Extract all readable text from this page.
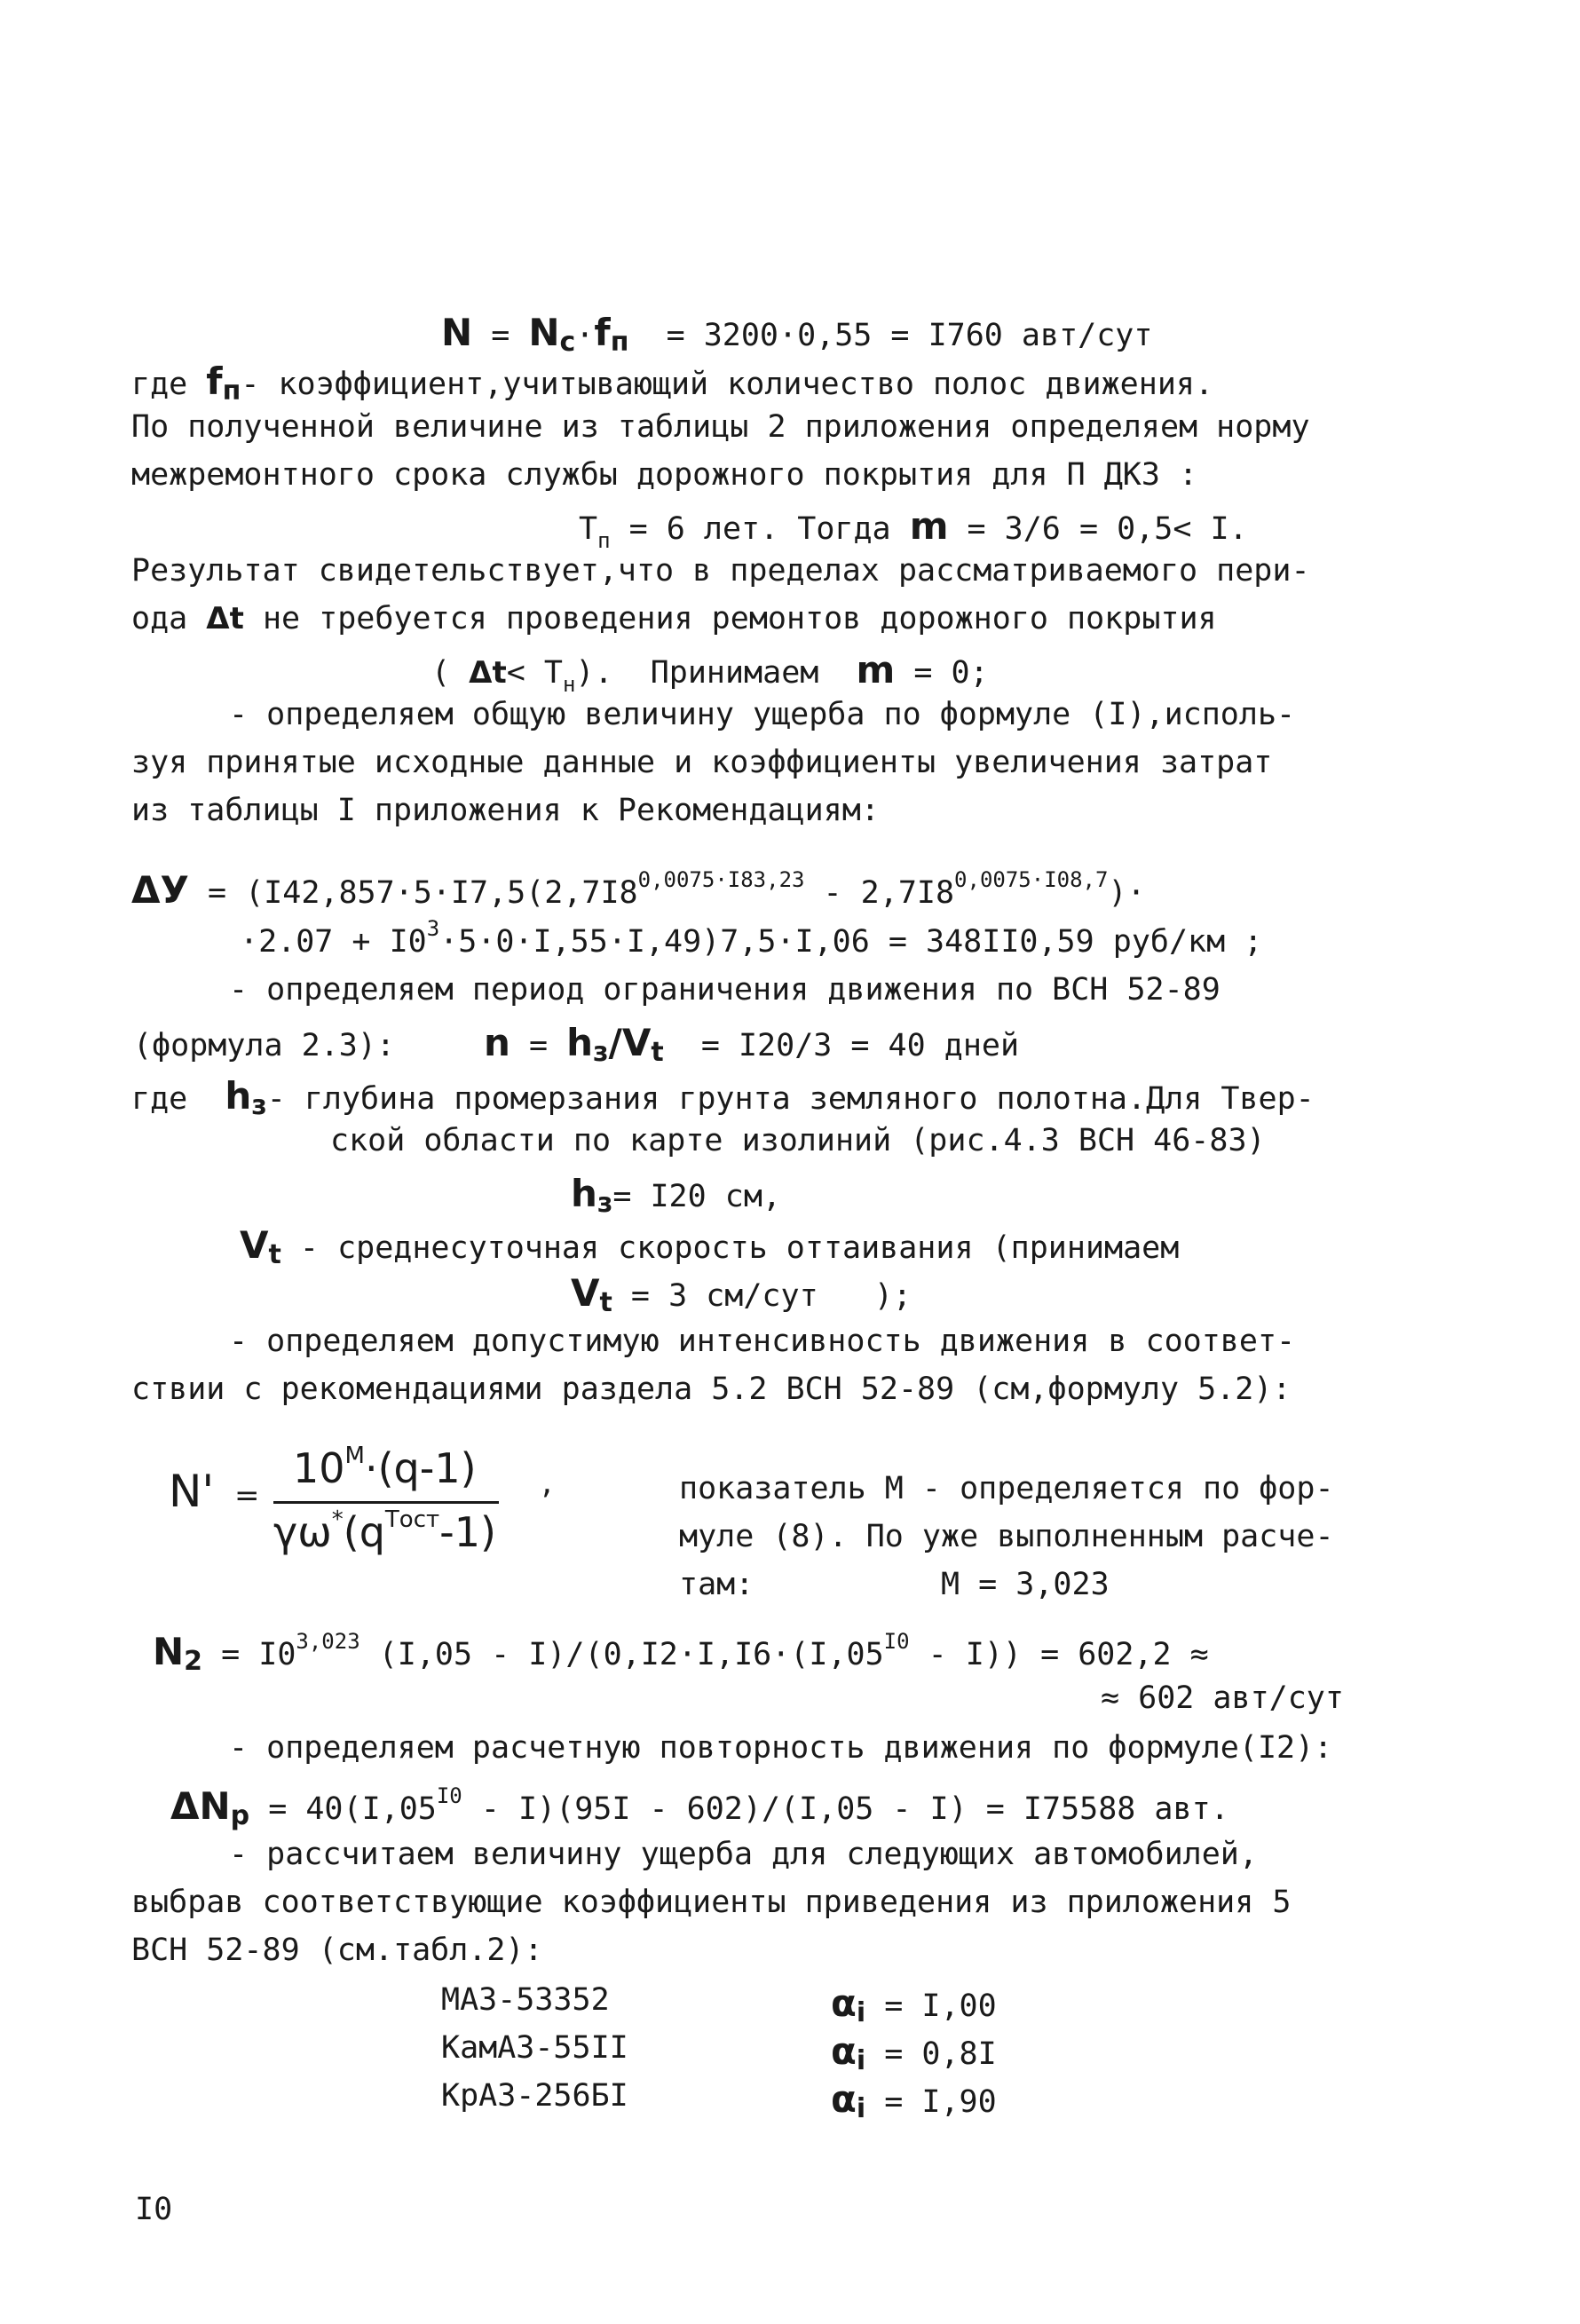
N = Nc·fп  = 3200·0,55 = I760 авт/сут
где fп- коэффициент,учитывающий количество полос движения.
По полученной величине из таблицы 2 приложения определяем норму
межремонтного срока службы дорожного покрытия для П ДКЗ :
$T_п = 6$ лет. Тогда m = 3/6 = 0,5< I.
Результат свидетельствует,что в пределах рассматриваемого пери-
ода Δt не требуется проведения ремонтов дорожного покрытия
( $\Delta t< T_н$).  Принимаем  m = 0;
- определяем общую величину ущерба по формуле (I),исполь-
зуя принятые исходные данные и коэффициенты увеличения затрат
из таблицы I приложения к Рекомендациям:
$\Delta У = (I42,857\cdot 5\cdot I7,5(2,7I8^{0,0075\cdot I83,23} - 2,7I8^{0,0075\cdot I08,7})\cdot$
$\cdot 2.07 + I0^3\cdot 5\cdot 0\cdot I,55\cdot I,49)7,5\cdot I,06 = 348II0,59$ руб/км ;
- определяем период ограничения движения по ВСН 52-89
(формула 2.3): n = hз/Vt  = I20/3 = 40 дней
где  hз- глубина промерзания грунта земляного полотна.Для Твер-
ской области по карте изолиний (рис.4.3 ВСН 46-83)
hз= I20 см,
Vt - среднесуточная скорость оттаивания (принимаем
Vt = 3 см/сут   );
- определяем допустимую интенсивность движения в соответ-
ствии с рекомендациями раздела 5.2 ВСН 52-89 (см,формулу 5.2):
N' =
$10^M\cdot(q-1)$
$\gamma\omega^*(q^{Tост}-1)$
,	показатель М - определяется по фор-
муле (8). По уже выполненным расче-
там:          М = 3,023
$N2 = I0^{3,023}$ $(I,05 - I)/(0,I2\cdot I,I6\cdot(I,05^{I0} - I)) = 602,2$ ≈
≈ 602 авт/сут
- определяем расчетную повторность движения по формуле(I2):
$\Delta Nр = 40(I,05^{I0} - I)(95I - 602)/(I,05 - I) = I75588$ авт.
- рассчитаем величину ущерба для следующих автомобилей,
выбрав соответствующие коэффициенты приведения из приложения 5
ВСН 52-89 (см.табл.2):
МАЗ-53352	αi = I,00
КамАЗ-55II	αi = 0,8I
КрАЗ-256БI	αi = I,90
I0
